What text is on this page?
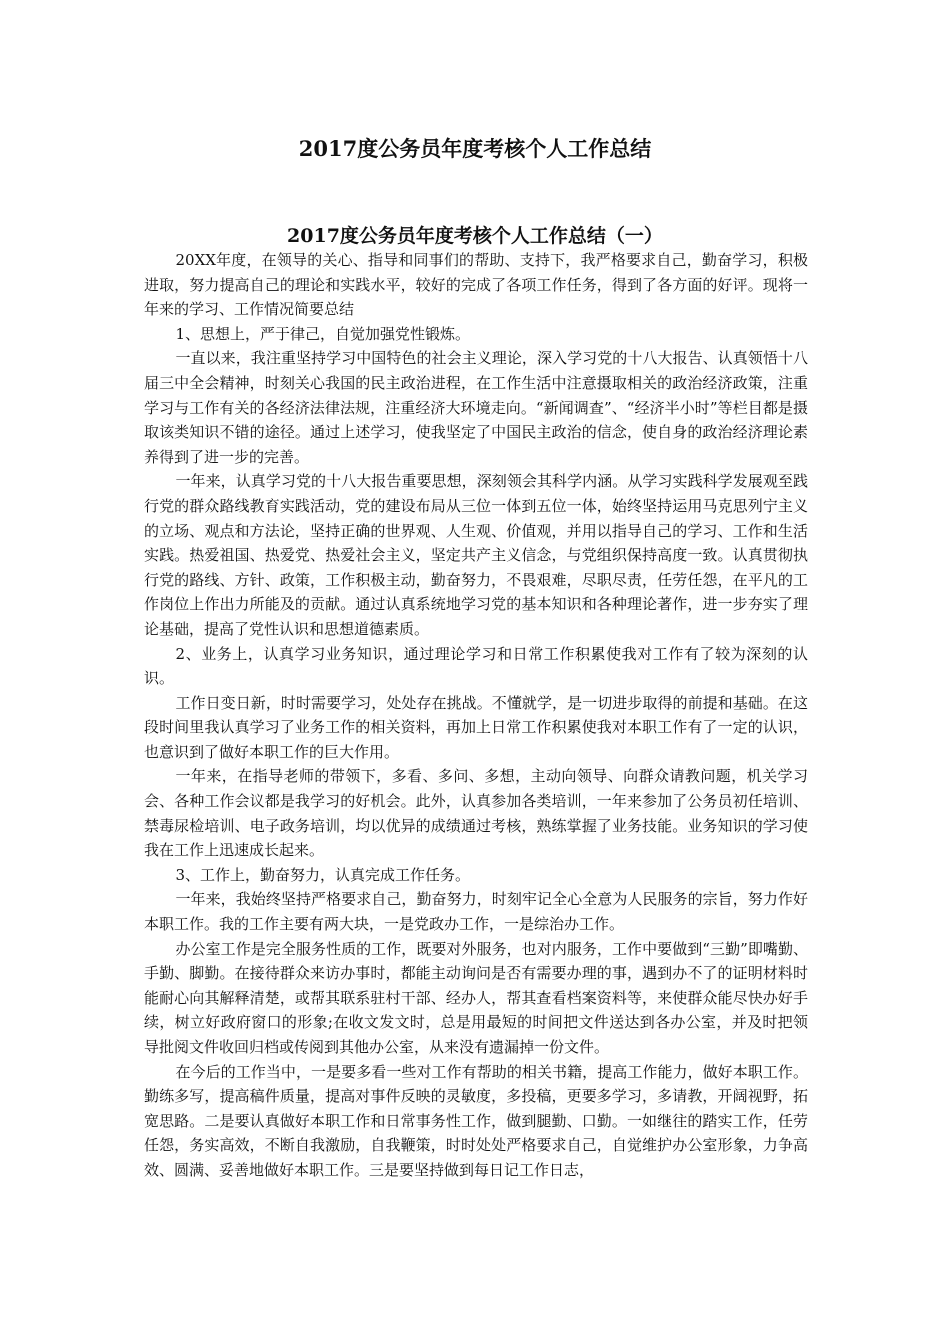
2017度公务员年度考核个人工作总结
2017度公务员年度考核个人工作总结（一）

20XX年度，在领导的关心、指导和同事们的帮助、支持下，我严格要求自己，勤奋学习，积极进取，努力提高自己的理论和实践水平，较好的完成了各项工作任务，得到了各方面的好评。现将一年来的学习、工作情况简要总结

1、思想上，严于律己，自觉加强党性锻炼。

一直以来，我注重坚持学习中国特色的社会主义理论，深入学习党的十八大报告、认真领悟十八届三中全会精神，时刻关心我国的民主政治进程，在工作生活中注意摄取相关的政治经济政策，注重学习与工作有关的各经济法律法规，注重经济大环境走向。“新闻调查”、“经济半小时”等栏目都是摄取该类知识不错的途径。通过上述学习，使我坚定了中国民主政治的信念，使自身的政治经济理论素养得到了进一步的完善。

一年来，认真学习党的十八大报告重要思想，深刻领会其科学内涵。从学习实践科学发展观至践行党的群众路线教育实践活动，党的建设布局从三位一体到五位一体，始终坚持运用马克思列宁主义的立场、观点和方法论，坚持正确的世界观、人生观、价值观，并用以指导自己的学习、工作和生活实践。热爱祖国、热爱党、热爱社会主义，坚定共产主义信念，与党组织保持高度一致。认真贯彻执行党的路线、方针、政策，工作积极主动，勤奋努力，不畏艰难，尽职尽责，任劳任怨，在平凡的工作岗位上作出力所能及的贡献。通过认真系统地学习党的基本知识和各种理论著作，进一步夯实了理论基础，提高了党性认识和思想道德素质。

2、业务上，认真学习业务知识，通过理论学习和日常工作积累使我对工作有了较为深刻的认识。

工作日变日新，时时需要学习，处处存在挑战。不懂就学，是一切进步取得的前提和基础。在这段时间里我认真学习了业务工作的相关资料，再加上日常工作积累使我对本职工作有了一定的认识，也意识到了做好本职工作的巨大作用。

一年来，在指导老师的带领下，多看、多问、多想，主动向领导、向群众请教问题，机关学习会、各种工作会议都是我学习的好机会。此外，认真参加各类培训，一年来参加了公务员初任培训、禁毒尿检培训、电子政务培训，均以优异的成绩通过考核，熟练掌握了业务技能。业务知识的学习使我在工作上迅速成长起来。

3、工作上，勤奋努力，认真完成工作任务。

一年来，我始终坚持严格要求自己，勤奋努力，时刻牢记全心全意为人民服务的宗旨，努力作好本职工作。我的工作主要有两大块，一是党政办工作，一是综治办工作。

办公室工作是完全服务性质的工作，既要对外服务，也对内服务，工作中要做到“三勤”即嘴勤、手勤、脚勤。在接待群众来访办事时，都能主动询问是否有需要办理的事，遇到办不了的证明材料时能耐心向其解释清楚，或帮其联系驻村干部、经办人，帮其查看档案资料等，来使群众能尽快办好手续，树立好政府窗口的形象;在收文发文时，总是用最短的时间把文件送达到各办公室，并及时把领导批阅文件收回归档或传阅到其他办公室，从来没有遗漏掉一份文件。

在今后的工作当中，一是要多看一些对工作有帮助的相关书籍，提高工作能力，做好本职工作。勤练多写，提高稿件质量，提高对事件反映的灵敏度，多投稿，更要多学习，多请教，开阔视野，拓宽思路。二是要认真做好本职工作和日常事务性工作，做到腿勤、口勤。一如继往的踏实工作，任劳任怨，务实高效，不断自我激励，自我鞭策，时时处处严格要求自己，自觉维护办公室形象，力争高效、圆满、妥善地做好本职工作。三是要坚持做到每日记工作日志，
